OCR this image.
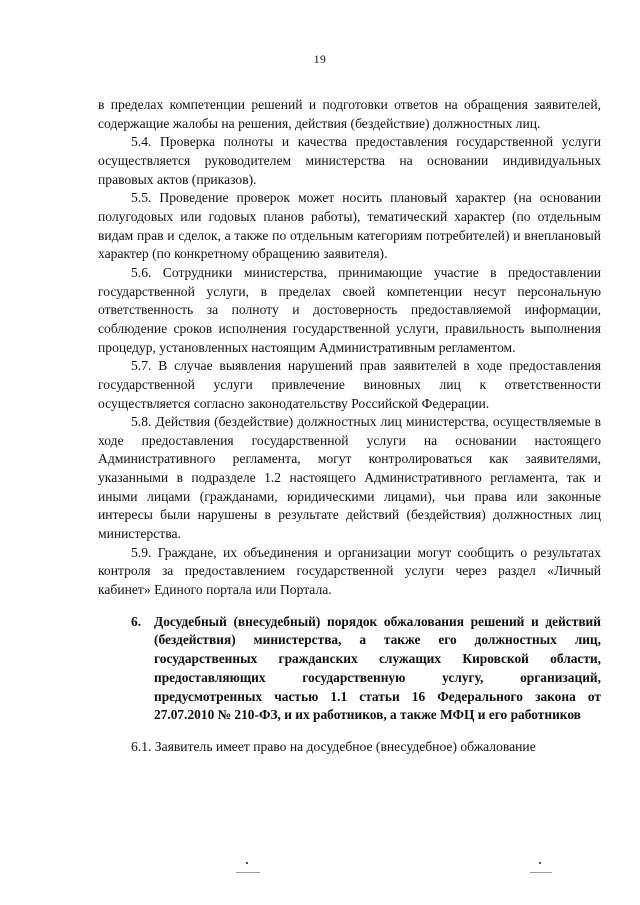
19

в пределах компетенции решений и подготовки ответов на обращения заявителей, содержащие жалобы на решения, действия (бездействие) должностных лиц.

5.4. Проверка полноты и качества предоставления государственной услуги осуществляется руководителем министерства на основании индивидуальных правовых актов (приказов).

5.5. Проведение проверок может носить плановый характер (на основании полугодовых или годовых планов работы), тематический характер (по отдельным видам прав и сделок, а также по отдельным категориям потребителей) и внеплановый характер (по конкретному обращению заявителя).

5.6. Сотрудники министерства, принимающие участие в предоставлении государственной услуги, в пределах своей компетенции несут персональную ответственность за полноту и достоверность предоставляемой информации, соблюдение сроков исполнения государственной услуги, правильность выполнения процедур, установленных настоящим Административным регламентом.

5.7. В случае выявления нарушений прав заявителей в ходе предоставления государственной услуги привлечение виновных лиц к ответственности осуществляется согласно законодательству Российской Федерации.

5.8. Действия (бездействие) должностных лиц министерства, осуществляемые в ходе предоставления государственной услуги на основании настоящего Административного регламента, могут контролироваться как заявителями, указанными в подразделе 1.2 настоящего Административного регламента, так и иными лицами (гражданами, юридическими лицами), чьи права или законные интересы были нарушены в результате действий (бездействия) должностных лиц министерства.

5.9. Граждане, их объединения и организации могут сообщить о результатах контроля за предоставлением государственной услуги через раздел «Личный кабинет» Единого портала или Портала.

6. Досудебный (внесудебный) порядок обжалования решений и действий (бездействия) министерства, а также его должностных лиц, государственных гражданских служащих Кировской области, предоставляющих государственную услугу, организаций, предусмотренных частью 1.1 статьи 16 Федерального закона от 27.07.2010 № 210-ФЗ, и их работников, а также МФЦ и его работников

6.1. Заявитель имеет право на досудебное (внесудебное) обжалование
